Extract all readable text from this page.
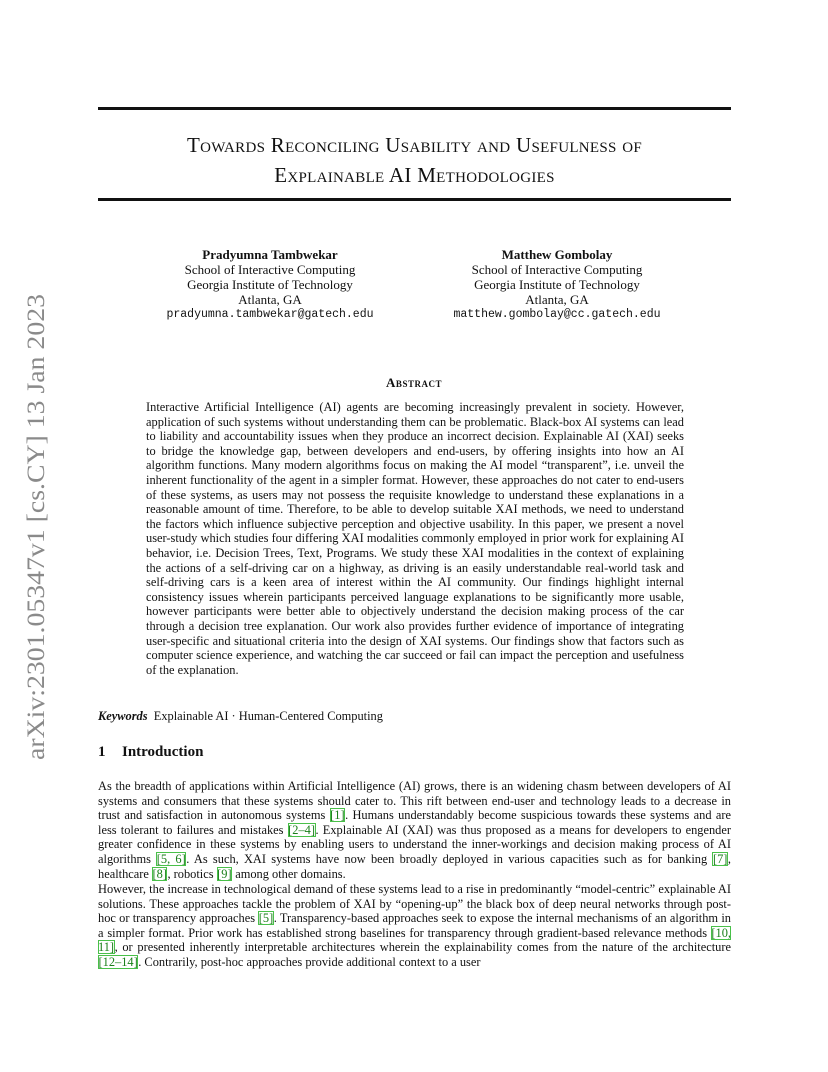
arXiv:2301.05347v1 [cs.CY] 13 Jan 2023
Towards Reconciling Usability and Usefulness of
Explainable AI Methodologies
Pradyumna Tambwekar
School of Interactive Computing
Georgia Institute of Technology
Atlanta, GA
pradyumna.tambwekar@gatech.edu
Matthew Gombolay
School of Interactive Computing
Georgia Institute of Technology
Atlanta, GA
matthew.gombolay@cc.gatech.edu
Abstract

Interactive Artificial Intelligence (AI) agents are becoming increasingly prevalent in society. However, application of such systems without understanding them can be problematic. Black-box AI systems can lead to liability and accountability issues when they produce an incorrect decision. Explainable AI (XAI) seeks to bridge the knowledge gap, between developers and end-users, by offering insights into how an AI algorithm functions. Many modern algorithms focus on making the AI model “transparent”, i.e. unveil the inherent functionality of the agent in a simpler format. However, these approaches do not cater to end-users of these systems, as users may not possess the requisite knowledge to understand these explanations in a reasonable amount of time. Therefore, to be able to develop suitable XAI methods, we need to understand the factors which influence subjective perception and objective usability. In this paper, we present a novel user-study which studies four differing XAI modalities commonly employed in prior work for explaining AI behavior, i.e. Decision Trees, Text, Programs. We study these XAI modalities in the context of explaining the actions of a self-driving car on a highway, as driving is an easily understandable real-world task and self-driving cars is a keen area of interest within the AI community. Our findings highlight internal consistency issues wherein participants perceived language explanations to be significantly more usable, however participants were better able to objectively understand the decision making process of the car through a decision tree explanation. Our work also provides further evidence of importance of integrating user-specific and situational criteria into the design of XAI systems. Our findings show that factors such as computer science experience, and watching the car succeed or fail can impact the perception and usefulness of the explanation.

Keywords Explainable AI · Human-Centered Computing
1 Introduction

As the breadth of applications within Artificial Intelligence (AI) grows, there is an widening chasm between developers of AI systems and consumers that these systems should cater to. This rift between end-user and technology leads to a decrease in trust and satisfaction in autonomous systems [1]. Humans understandably become suspicious towards these systems and are less tolerant to failures and mistakes [2–4]. Explainable AI (XAI) was thus proposed as a means for developers to engender greater confidence in these systems by enabling users to understand the inner-workings and decision making process of AI algorithms [5, 6]. As such, XAI systems have now been broadly deployed in various capacities such as for banking [7], healthcare [8], robotics [9] among other domains.

However, the increase in technological demand of these systems lead to a rise in predominantly “model-centric” explainable AI solutions. These approaches tackle the problem of XAI by “opening-up” the black box of deep neural networks through post-hoc or transparency approaches [5]. Transparency-based approaches seek to expose the internal mechanisms of an algorithm in a simpler format. Prior work has established strong baselines for transparency through gradient-based relevance methods [10, 11], or presented inherently interpretable architectures wherein the explainability comes from the nature of the architecture [12–14]. Contrarily, post-hoc approaches provide additional context to a user
